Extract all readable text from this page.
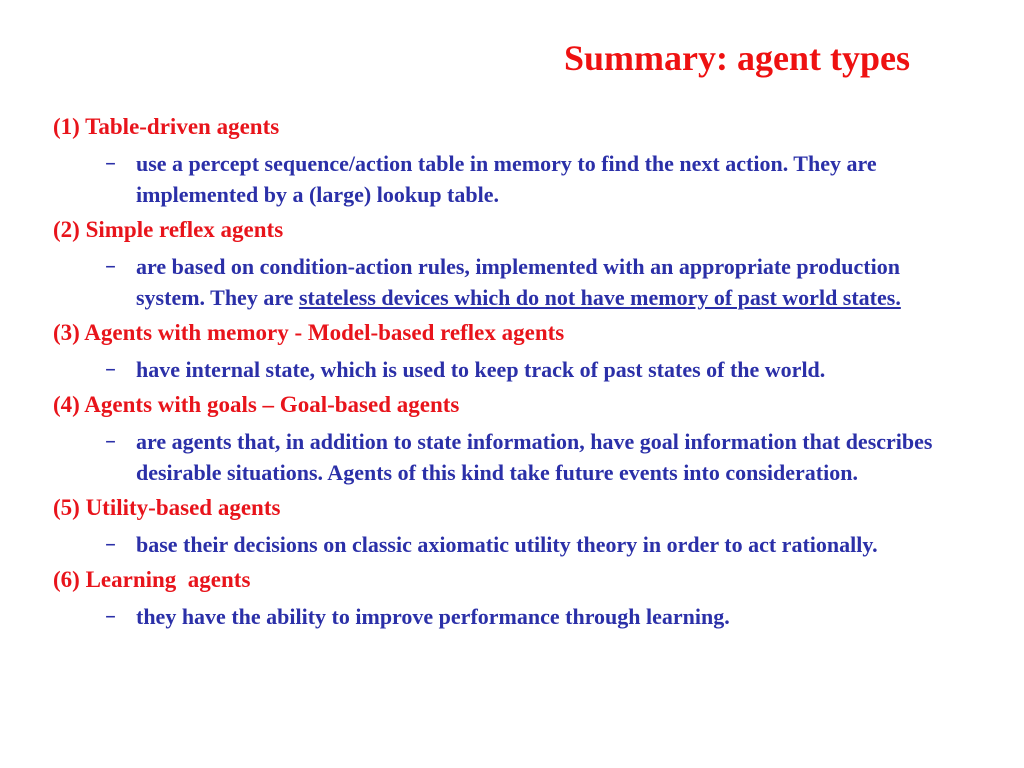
Summary: agent types

(1) Table-driven agents

– use a percept sequence/action table in memory to find the next action. They are implemented by a (large) lookup table.

(2) Simple reflex agents

– are based on condition-action rules, implemented with an appropriate production system. They are stateless devices which do not have memory of past world states.

(3) Agents with memory - Model-based reflex agents

– have internal state, which is used to keep track of past states of the world.

(4) Agents with goals – Goal-based agents

– are agents that, in addition to state information, have goal information that describes desirable situations. Agents of this kind take future events into consideration.

(5) Utility-based agents

– base their decisions on classic axiomatic utility theory in order to act rationally.

(6) Learning  agents

– they have the ability to improve performance through learning.
